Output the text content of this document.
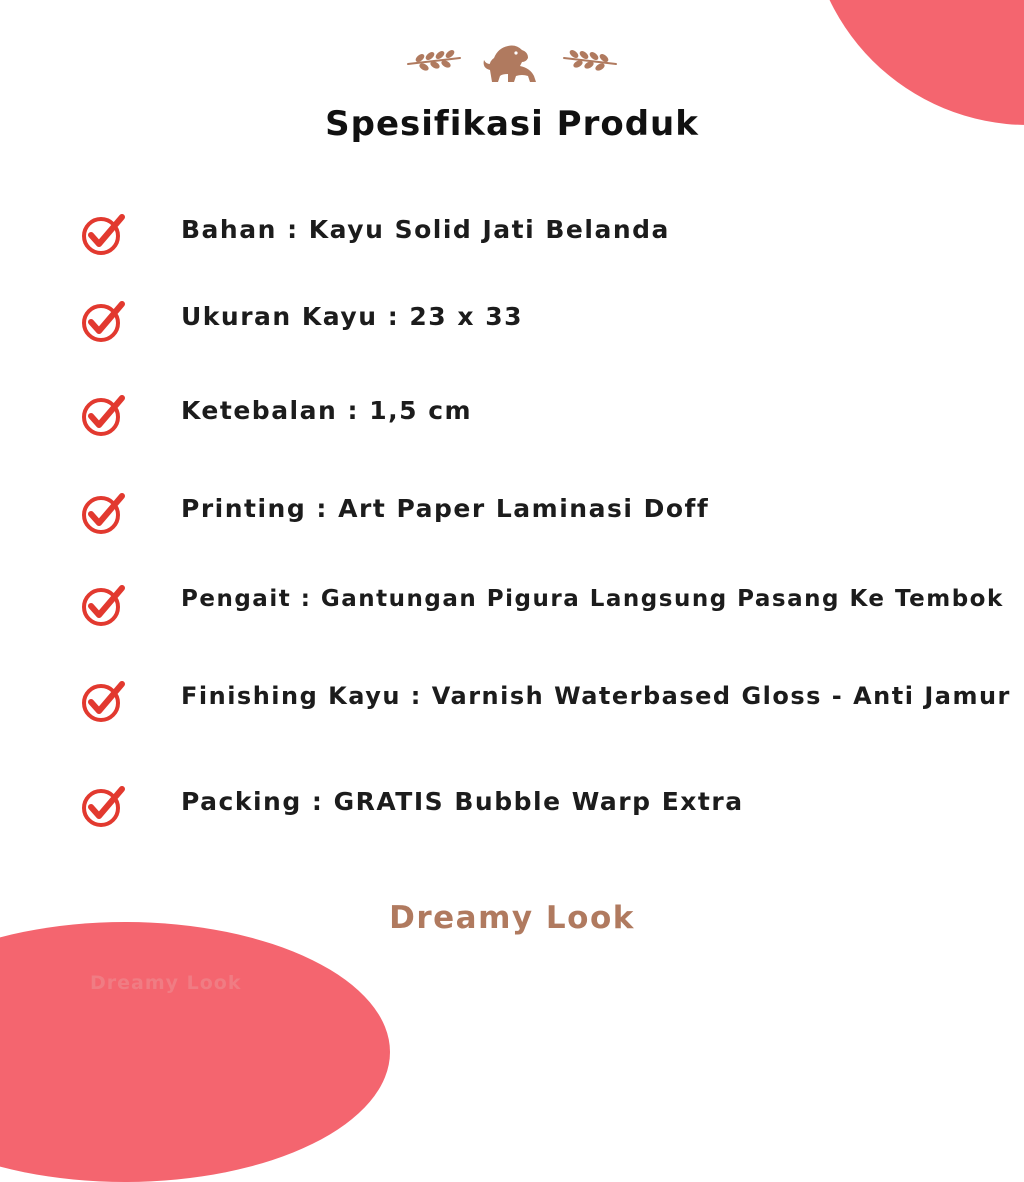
Spesifikasi Produk
Bahan : Kayu Solid Jati Belanda
Ukuran Kayu : 23 x 33
Ketebalan : 1,5 cm
Printing : Art Paper Laminasi Doff
Pengait : Gantungan Pigura Langsung Pasang Ke Tembok
Finishing Kayu : Varnish Waterbased Gloss - Anti Jamur
Packing : GRATIS Bubble Warp Extra
Dreamy Look
Dreamy Look
